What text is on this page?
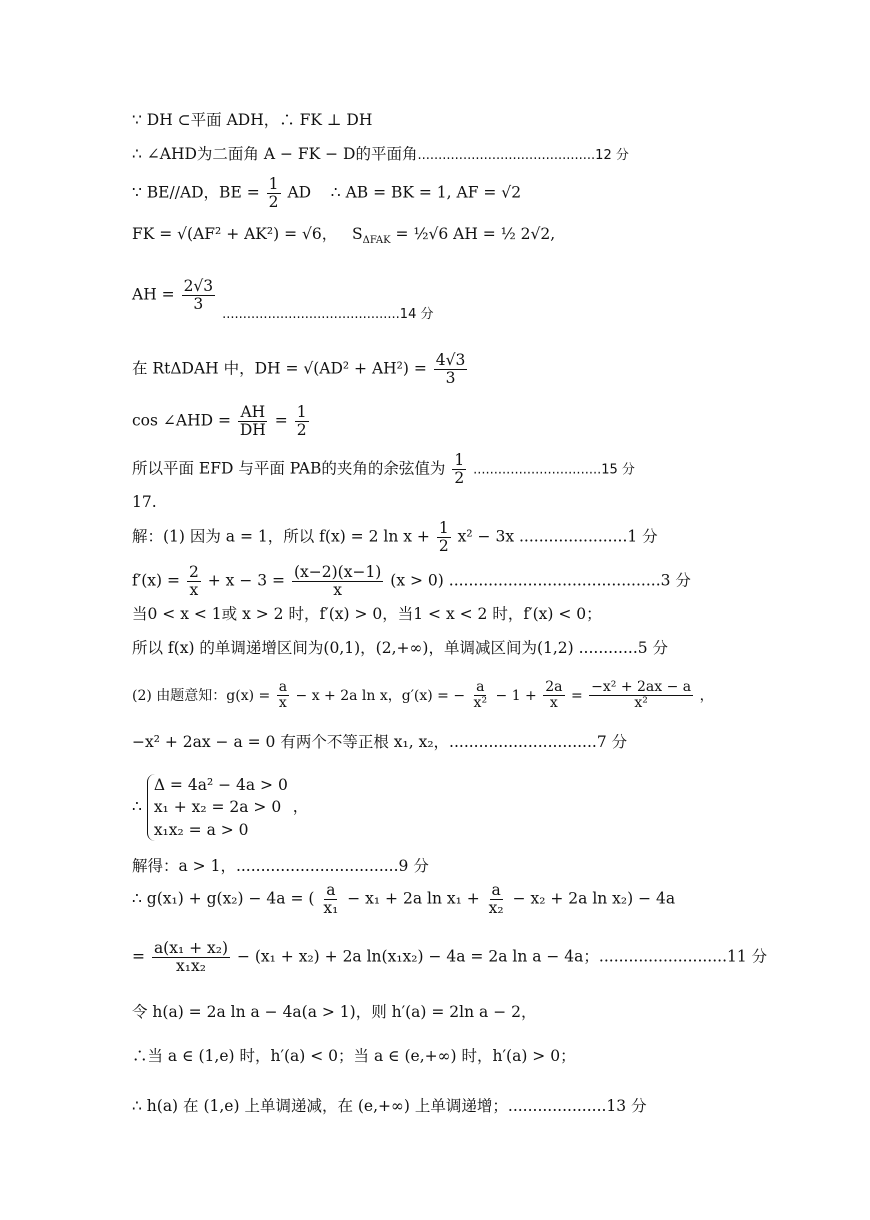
∵ DH ⊂平面 ADH，∴ FK ⊥ DH
∴ ∠AHD为二面角 A − FK − D的平面角...........................................12 分
∵ BE//AD，BE = $\frac{1}{2}$ AD ∴ AB = BK = 1, AF = √2
FK = √(AF² + AK²) = √6， $S_{\Delta FAK}$ = ½√6 AH = ½ 2√2,
AH = $\frac{2√3}{3}$
$_{...........................................14 分}$
在 RtΔDAH 中，DH = $√(AD^2 + AH^2) = \frac{4√3}{3}$
cos ∠AHD = $\frac{AH}{DH} = \frac{1}{2}$
所以平面 EFD 与平面 PAB的夹角的余弦值为 $\frac{1}{2} ...............................15$ 分
17.
解：(1) 因为 a = 1，所以 f(x) = 2 $\ln x + \frac{1}{2} x^2 - 3x$ ......................1 分
$f'(x) = \frac{2}{x} + x - 3 = \frac{(x-2)(x-1)}{x} (x > 0)$ ...........................................3 分
当0 < x < 1或 x > 2 时，f′(x) > 0，当1 < x < 2 时，f′(x) < 0；
所以 f(x) 的单调递增区间为(0,1)，(2,+∞)，单调减区间为(1,2) ............5 分
(2) 由题意知：$g(x) = \frac{a}{x} - x + 2a$ ln x，g′(x) = − $\frac{a}{\text{x²}} - 1 + \frac{2a}{x} = \frac{\text{−x² + 2ax − a}}{\text{x²}}$ ，
−x² + 2ax − a = 0 有两个不等正根 x₁, x₂，..............................7 分
∴
Δ = 4a² − 4a > 0
x₁ + x₂ = 2a > 0
x₁x₂ = a > 0
，
解得：a > 1，.................................9 分
∴ g(x₁) + g(x₂) − 4a = ( $\frac{a}{\text{x₁}} - x_1 + 2a$ $\ln x_1 + \frac{a}{\text{x₂}} - x_2 + 2a$ ln x₂) − 4a
= $\frac{\text{a(x₁ + x₂)}}{\text{x₁x₂}} - (x_1 + x_2) + 2a$ ln(x₁x₂) − 4a = 2a ln a − 4a；..........................11 分
令 h(a) = 2a ln a − 4a(a > 1)，则 h′(a) = 2ln a − 2，
∴当 a ∈ (1,e) 时，h′(a) < 0；当 a ∈ (e,+∞) 时，h′(a) > 0；
∴ h(a) 在 (1,e) 上单调递减，在 (e,+∞) 上单调递增；....................13 分
